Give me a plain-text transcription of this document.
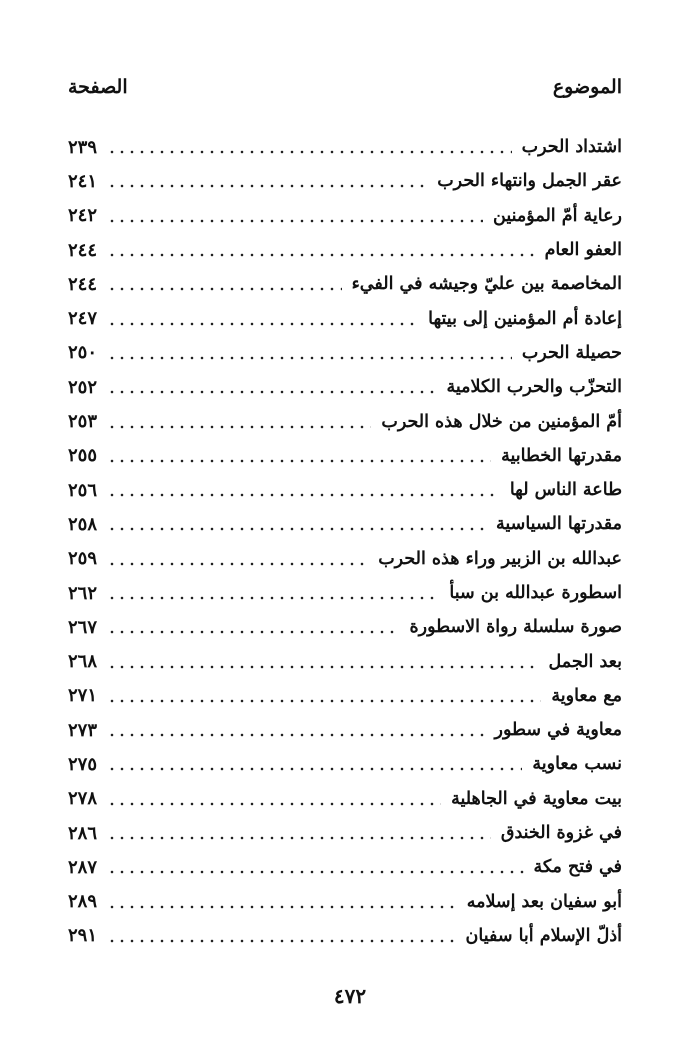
الموضوع
الصفحة
اشتداد الحرب
٢٣٩
عقر الجمل وانتهاء الحرب
٢٤١
رعاية أمّ المؤمنين
٢٤٢
العفو العام
٢٤٤
المخاصمة بين عليّ وجيشه في الفيء
٢٤٤
إعادة أم المؤمنين إلى بيتها
٢٤٧
حصيلة الحرب
٢٥٠
التحزّب والحرب الكلامية
٢٥٢
أمّ المؤمنين من خلال هذه الحرب
٢٥٣
مقدرتها الخطابية
٢٥٥
طاعة الناس لها
٢٥٦
مقدرتها السياسية
٢٥٨
عبدالله بن الزبير وراء هذه الحرب
٢٥٩
اسطورة عبدالله بن سبأ
٢٦٢
صورة سلسلة رواة الاسطورة
٢٦٧
بعد الجمل
٢٦٨
مع معاوية
٢٧١
معاوية في سطور
٢٧٣
نسب معاوية
٢٧٥
بيت معاوية في الجاهلية
٢٧٨
في غزوة الخندق
٢٨٦
في فتح مكة
٢٨٧
أبو سفيان بعد إسلامه
٢٨٩
أذلّ الإسلام أبا سفيان
٢٩١
٤٧٢
